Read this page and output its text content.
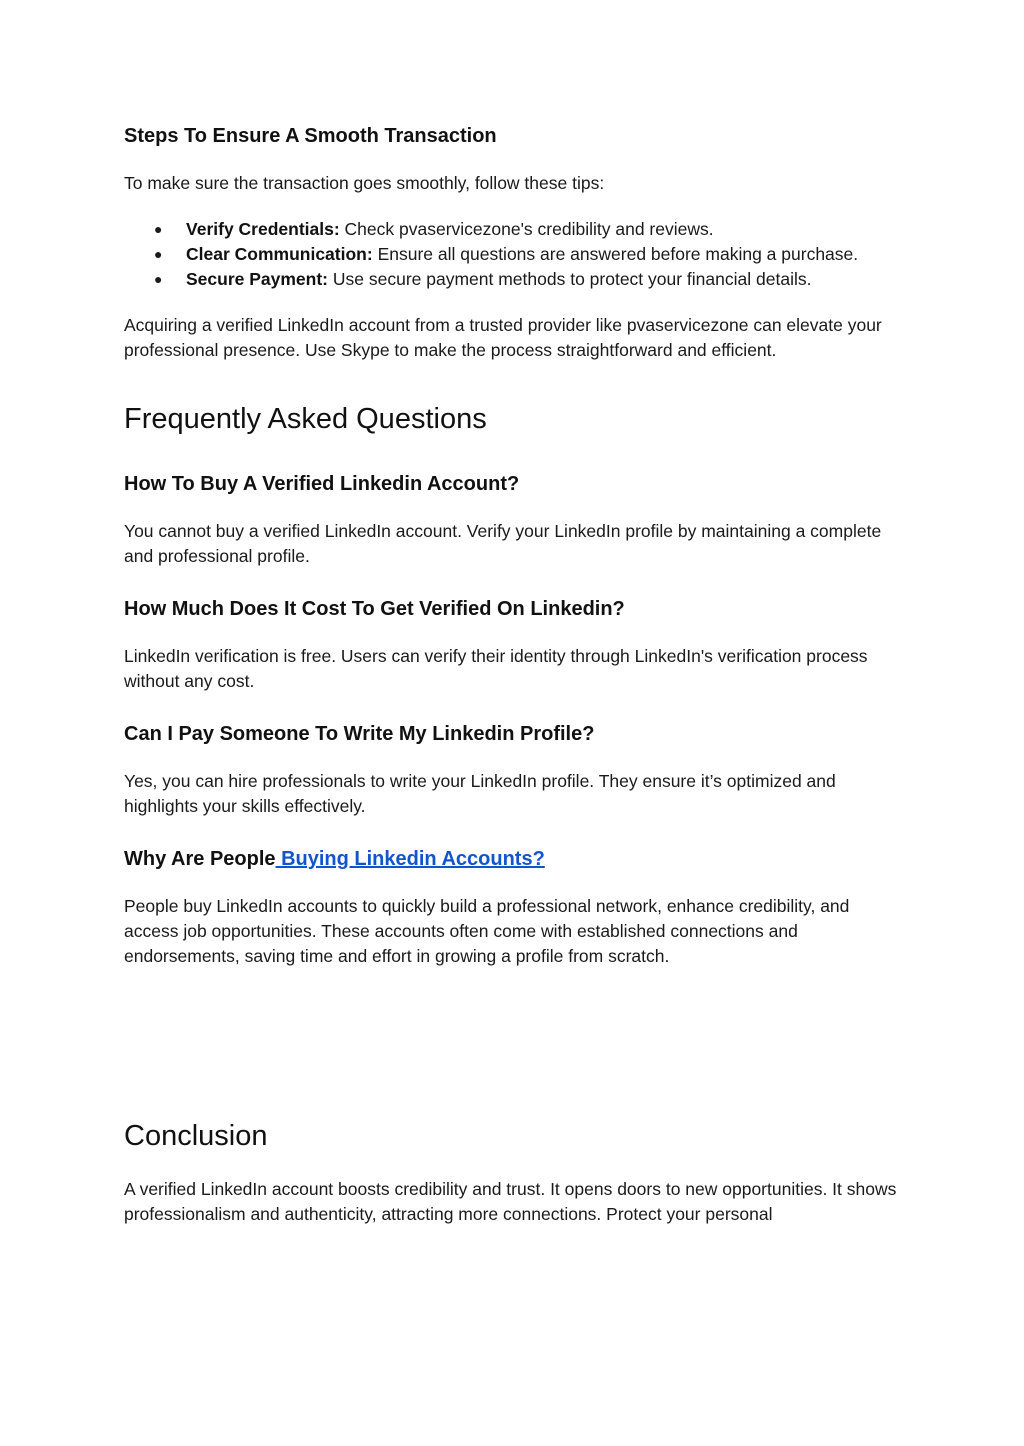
Steps To Ensure A Smooth Transaction

To make sure the transaction goes smoothly, follow these tips:

● Verify Credentials: Check pvaservicezone's credibility and reviews.
● Clear Communication: Ensure all questions are answered before making a purchase.
● Secure Payment: Use secure payment methods to protect your financial details.

Acquiring a verified LinkedIn account from a trusted provider like pvaservicezone can elevate your professional presence. Use Skype to make the process straightforward and efficient.

Frequently Asked Questions
How To Buy A Verified Linkedin Account?

You cannot buy a verified LinkedIn account. Verify your LinkedIn profile by maintaining a complete and professional profile.

How Much Does It Cost To Get Verified On Linkedin?

LinkedIn verification is free. Users can verify their identity through LinkedIn's verification process without any cost.

Can I Pay Someone To Write My Linkedin Profile?

Yes, you can hire professionals to write your LinkedIn profile. They ensure it’s optimized and highlights your skills effectively.

Why Are People Buying Linkedin Accounts?

People buy LinkedIn accounts to quickly build a professional network, enhance credibility, and access job opportunities. These accounts often come with established connections and endorsements, saving time and effort in growing a profile from scratch.

Conclusion

A verified LinkedIn account boosts credibility and trust. It opens doors to new opportunities. It shows professionalism and authenticity, attracting more connections. Protect your personal
